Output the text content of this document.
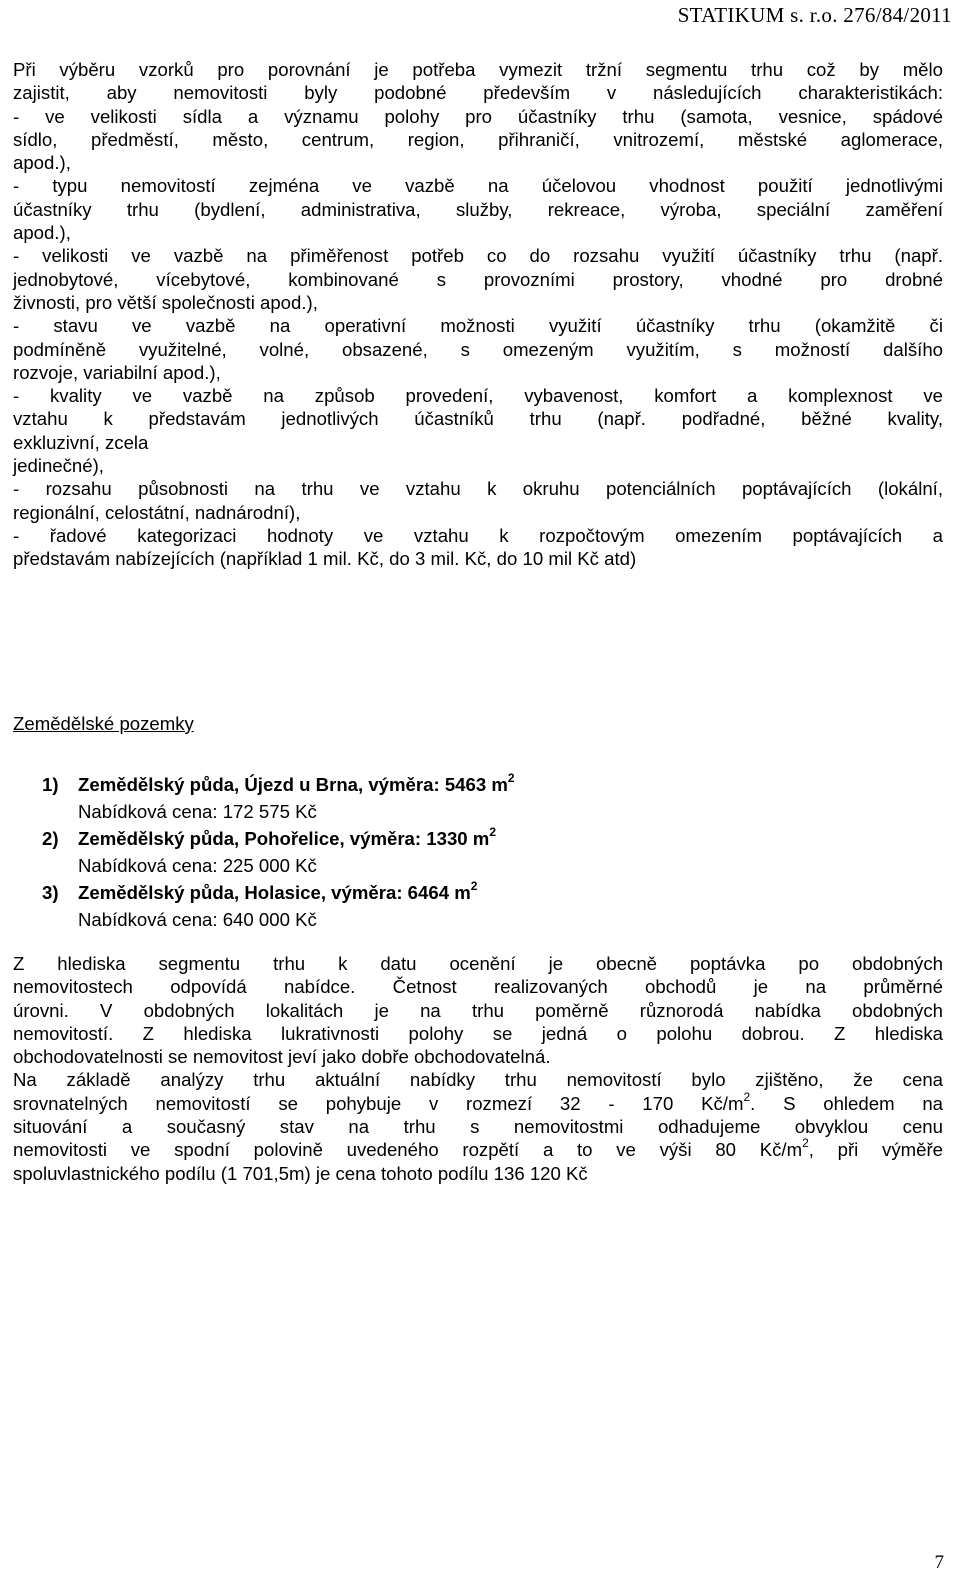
STATIKUM s. r.o. 276/84/2011

Při výběru vzorků pro porovnání je potřeba vymezit tržní segmentu trhu což by mělo

zajistit, aby nemovitosti byly podobné především v následujících charakteristikách:

- ve velikosti sídla a významu polohy pro účastníky trhu (samota, vesnice, spádové

sídlo, předměstí, město, centrum, region, přihraničí, vnitrozemí, městské aglomerace,

apod.),

- typu nemovitostí zejména ve vazbě na účelovou vhodnost použití jednotlivými

účastníky trhu (bydlení, administrativa, služby, rekreace, výroba, speciální zaměření

apod.),

- velikosti ve vazbě na přiměřenost potřeb co do rozsahu využití účastníky trhu (např.

jednobytové, vícebytové, kombinované s provozními prostory, vhodné pro drobné

živnosti, pro větší společnosti apod.),

- stavu ve vazbě na operativní možnosti využití účastníky trhu (okamžitě či

podmíněně využitelné, volné, obsazené, s omezeným využitím, s možností dalšího

rozvoje, variabilní apod.),

- kvality ve vazbě na způsob provedení, vybavenost, komfort a komplexnost ve

vztahu k představám jednotlivých účastníků trhu (např. podřadné, běžné kvality,

exkluzivní, zcela

jedinečné),

- rozsahu působnosti na trhu ve vztahu k okruhu potenciálních poptávajících (lokální,

regionální, celostátní, nadnárodní),

- řadové kategorizaci hodnoty ve vztahu k rozpočtovým omezením poptávajících a

představám nabízejících (například 1 mil. Kč, do 3 mil. Kč, do 10 mil Kč atd)

Zemědělské pozemky
1) Zemědělský půda, Újezd u Brna, výměra: 5463 $m^2$
Nabídková cena: 172 575 Kč
2) Zemědělský půda, Pohořelice, výměra: 1330 $m^2$
Nabídková cena: 225 000 Kč
3) Zemědělský půda, Holasice, výměra: 6464 $m^2$
Nabídková cena: 640 000 Kč

Z hlediska segmentu trhu k datu ocenění je obecně poptávka po obdobných

nemovitostech odpovídá nabídce. Četnost realizovaných obchodů je na průměrné

úrovni. V obdobných lokalitách je na trhu poměrně různorodá nabídka obdobných

nemovitostí. Z hlediska lukrativnosti polohy se jedná o polohu dobrou. Z hlediska

obchodovatelnosti se nemovitost jeví jako dobře obchodovatelná.

Na základě analýzy trhu aktuální nabídky trhu nemovitostí bylo zjištěno, že cena

srovnatelných nemovitostí se pohybuje v rozmezí 32 - 170 $Kč/m^2$. S ohledem na

situování a současný stav na trhu s nemovitostmi odhadujeme obvyklou cenu

nemovitosti ve spodní polovině uvedeného rozpětí a to ve výši 80 $Kč/m^2$, při výměře

spoluvlastnického podílu (1 701,5m) je cena tohoto podílu 136 120 Kč

7
